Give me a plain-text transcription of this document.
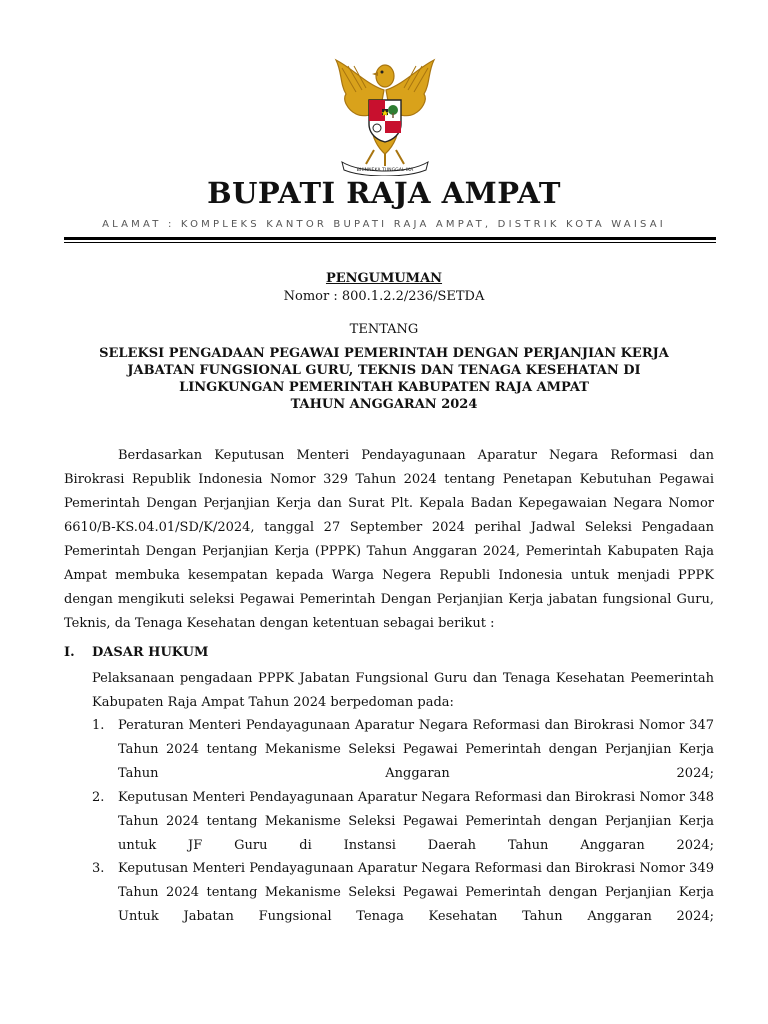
BHINNEKA TUNGGAL IKA
BUPATI RAJA AMPAT
ALAMAT : KOMPLEKS KANTOR BUPATI RAJA AMPAT, DISTRIK KOTA WAISAI
PENGUMUMAN
Nomor : 800.1.2.2/236/SETDA
TENTANG
SELEKSI PENGADAAN PEGAWAI PEMERINTAH DENGAN PERJANJIAN KERJA
JABATAN FUNGSIONAL GURU, TEKNIS DAN TENAGA KESEHATAN DI
LINGKUNGAN PEMERINTAH KABUPATEN RAJA AMPAT
TAHUN ANGGARAN 2024
Berdasarkan Keputusan Menteri Pendayagunaan Aparatur Negara Reformasi dan Birokrasi Republik Indonesia Nomor 329 Tahun 2024 tentang Penetapan Kebutuhan Pegawai Pemerintah Dengan Perjanjian Kerja dan Surat Plt. Kepala Badan Kepegawaian Negara Nomor 6610/B-KS.04.01/SD/K/2024, tanggal 27 September 2024 perihal Jadwal Seleksi Pengadaan Pemerintah Dengan Perjanjian Kerja (PPPK) Tahun Anggaran 2024, Pemerintah Kabupaten Raja Ampat membuka kesempatan kepada Warga Negera Republi Indonesia untuk menjadi PPPK dengan mengikuti seleksi Pegawai Pemerintah Dengan Perjanjian Kerja jabatan fungsional Guru, Teknis, da Tenaga Kesehatan dengan ketentuan sebagai berikut :
I. DASAR HUKUM
Pelaksanaan pengadaan PPPK Jabatan Fungsional Guru dan Tenaga Kesehatan Peemerintah Kabupaten Raja Ampat Tahun 2024 berpedoman pada:
1. Peraturan Menteri Pendayagunaan Aparatur Negara Reformasi dan Birokrasi Nomor 347 Tahun 2024 tentang Mekanisme Seleksi Pegawai Pemerintah dengan Perjanjian Kerja Tahun Anggaran 2024;
2. Keputusan Menteri Pendayagunaan Aparatur Negara Reformasi dan Birokrasi Nomor 348 Tahun 2024 tentang Mekanisme Seleksi Pegawai Pemerintah dengan Perjanjian Kerja untuk JF Guru di Instansi Daerah Tahun Anggaran 2024;
3. Keputusan Menteri Pendayagunaan Aparatur Negara Reformasi dan Birokrasi Nomor 349 Tahun 2024 tentang Mekanisme Seleksi Pegawai Pemerintah dengan Perjanjian Kerja Untuk Jabatan Fungsional Tenaga Kesehatan Tahun Anggaran 2024;
